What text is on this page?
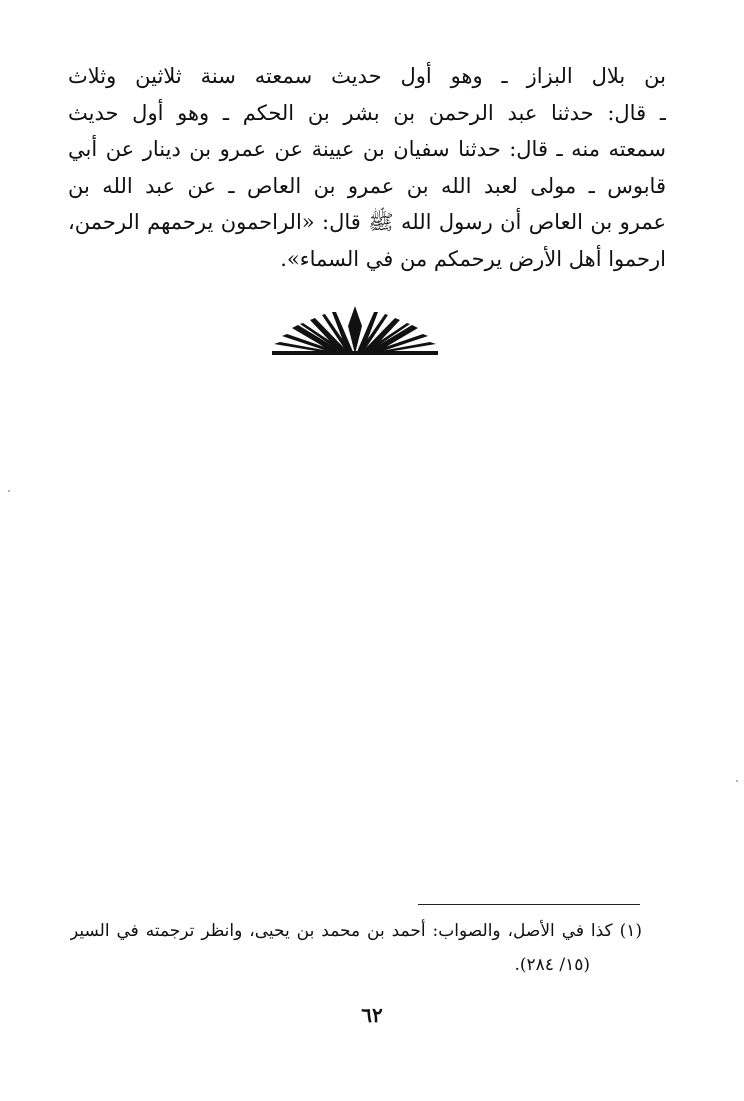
بن بلال البزاز ـ وهو أول حديث سمعته سنة ثلاثين وثلاث
ـ قال: حدثنا عبد الرحمن بن بشر بن الحكم ـ وهو أول حديث
سمعته منه ـ قال: حدثنا سفيان بن عيينة عن عمرو بن دينار عن أبي
قابوس ـ مولى لعبد الله بن عمرو بن العاص ـ عن عبد الله بن
عمرو بن العاص أن رسول الله ﷺ قال: «الراحمون يرحمهم الرحمن،
ارحموا أهل الأرض يرحمكم من في السماء».
(١) كذا في الأصل، والصواب: أحمد بن محمد بن يحيى، وانظر ترجمته في السير
(١٥/ ٢٨٤).
٦٢
